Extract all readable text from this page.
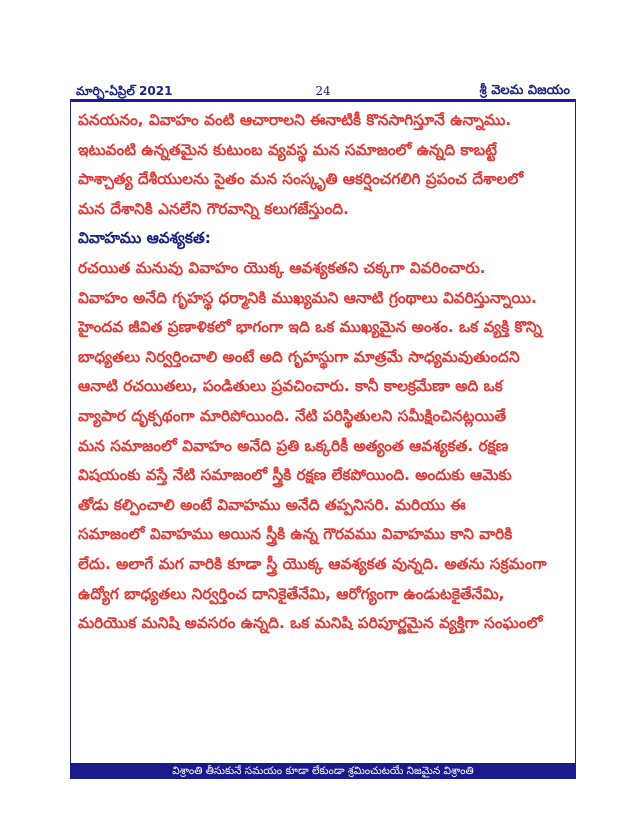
మార్చి-ఏప్రిల్ 2021	24	శ్రీ వెలమ విజయం
పనయనం, వివాహం వంటి ఆచారాలని ఈనాటికీ కొనసాగిస్తూనే ఉన్నాము.
ఇటువంటి ఉన్నతమైన కుటుంబ వ్యవస్థ మన సమాజంలో ఉన్నది కాబట్టే
పాశ్చాత్య దేశీయులను సైతం మన సంస్కృతి ఆకర్షించగలిగి ప్రపంచ దేశాలలో
మన దేశానికి ఎనలేని గౌరవాన్ని కలుగజేస్తుంది.
వివాహము ఆవశ్యకత:
రచయిత మనువు వివాహం యొక్క ఆవశ్యకతని చక్కగా వివరించారు.
వివాహం అనేది గృహస్థ ధర్మానికి ముఖ్యమని ఆనాటి గ్రంథాలు వివరిస్తున్నాయి.
హైందవ జీవిత ప్రణాళికలో భాగంగా ఇది ఒక ముఖ్యమైన అంశం. ఒక వ్యక్తి కొన్ని
బాధ్యతలు నిర్వర్తించాలి అంటే అది గృహస్థుగా మాత్రమే సాధ్యమవుతుందని
ఆనాటి రచయితలు, పండితులు ప్రవచించారు. కానీ కాలక్రమేణా అది ఒక
వ్యాపార దృక్పథంగా మారిపోయింది. నేటి పరిస్థితులని సమీక్షించినట్లయితే
మన సమాజంలో వివాహం అనేది ప్రతి ఒక్కరికీ అత్యంత ఆవశ్యకత. రక్షణ
విషయంకు వస్తే నేటి సమాజంలో స్త్రీకి రక్షణ లేకపోయింది. అందుకు ఆమెకు
తోడు కల్పించాలి అంటే వివాహము అనేది తప్పనిసరి. మరియు ఈ
సమాజంలో వివాహము అయిన స్త్రీకి ఉన్న గౌరవము వివాహము కాని వారికి
లేదు. అలాగే మగ వారికి కూడా స్త్రీ యొక్క ఆవశ్యకత వున్నది. అతను సక్రమంగా
ఉద్యోగ బాధ్యతలు నిర్వర్తించ దానికైతేనేమి, ఆరోగ్యంగా ఉండుటకైతేనేమి,
మరియొక మనిషి అవసరం ఉన్నది. ఒక మనిషి పరిపూర్ణమైన వ్యక్తిగా సంఘంలో
విశ్రాంతి తీసుకునే సమయం కూడా లేకుండా శ్రమించుటయే నిజమైన విశ్రాంతి
